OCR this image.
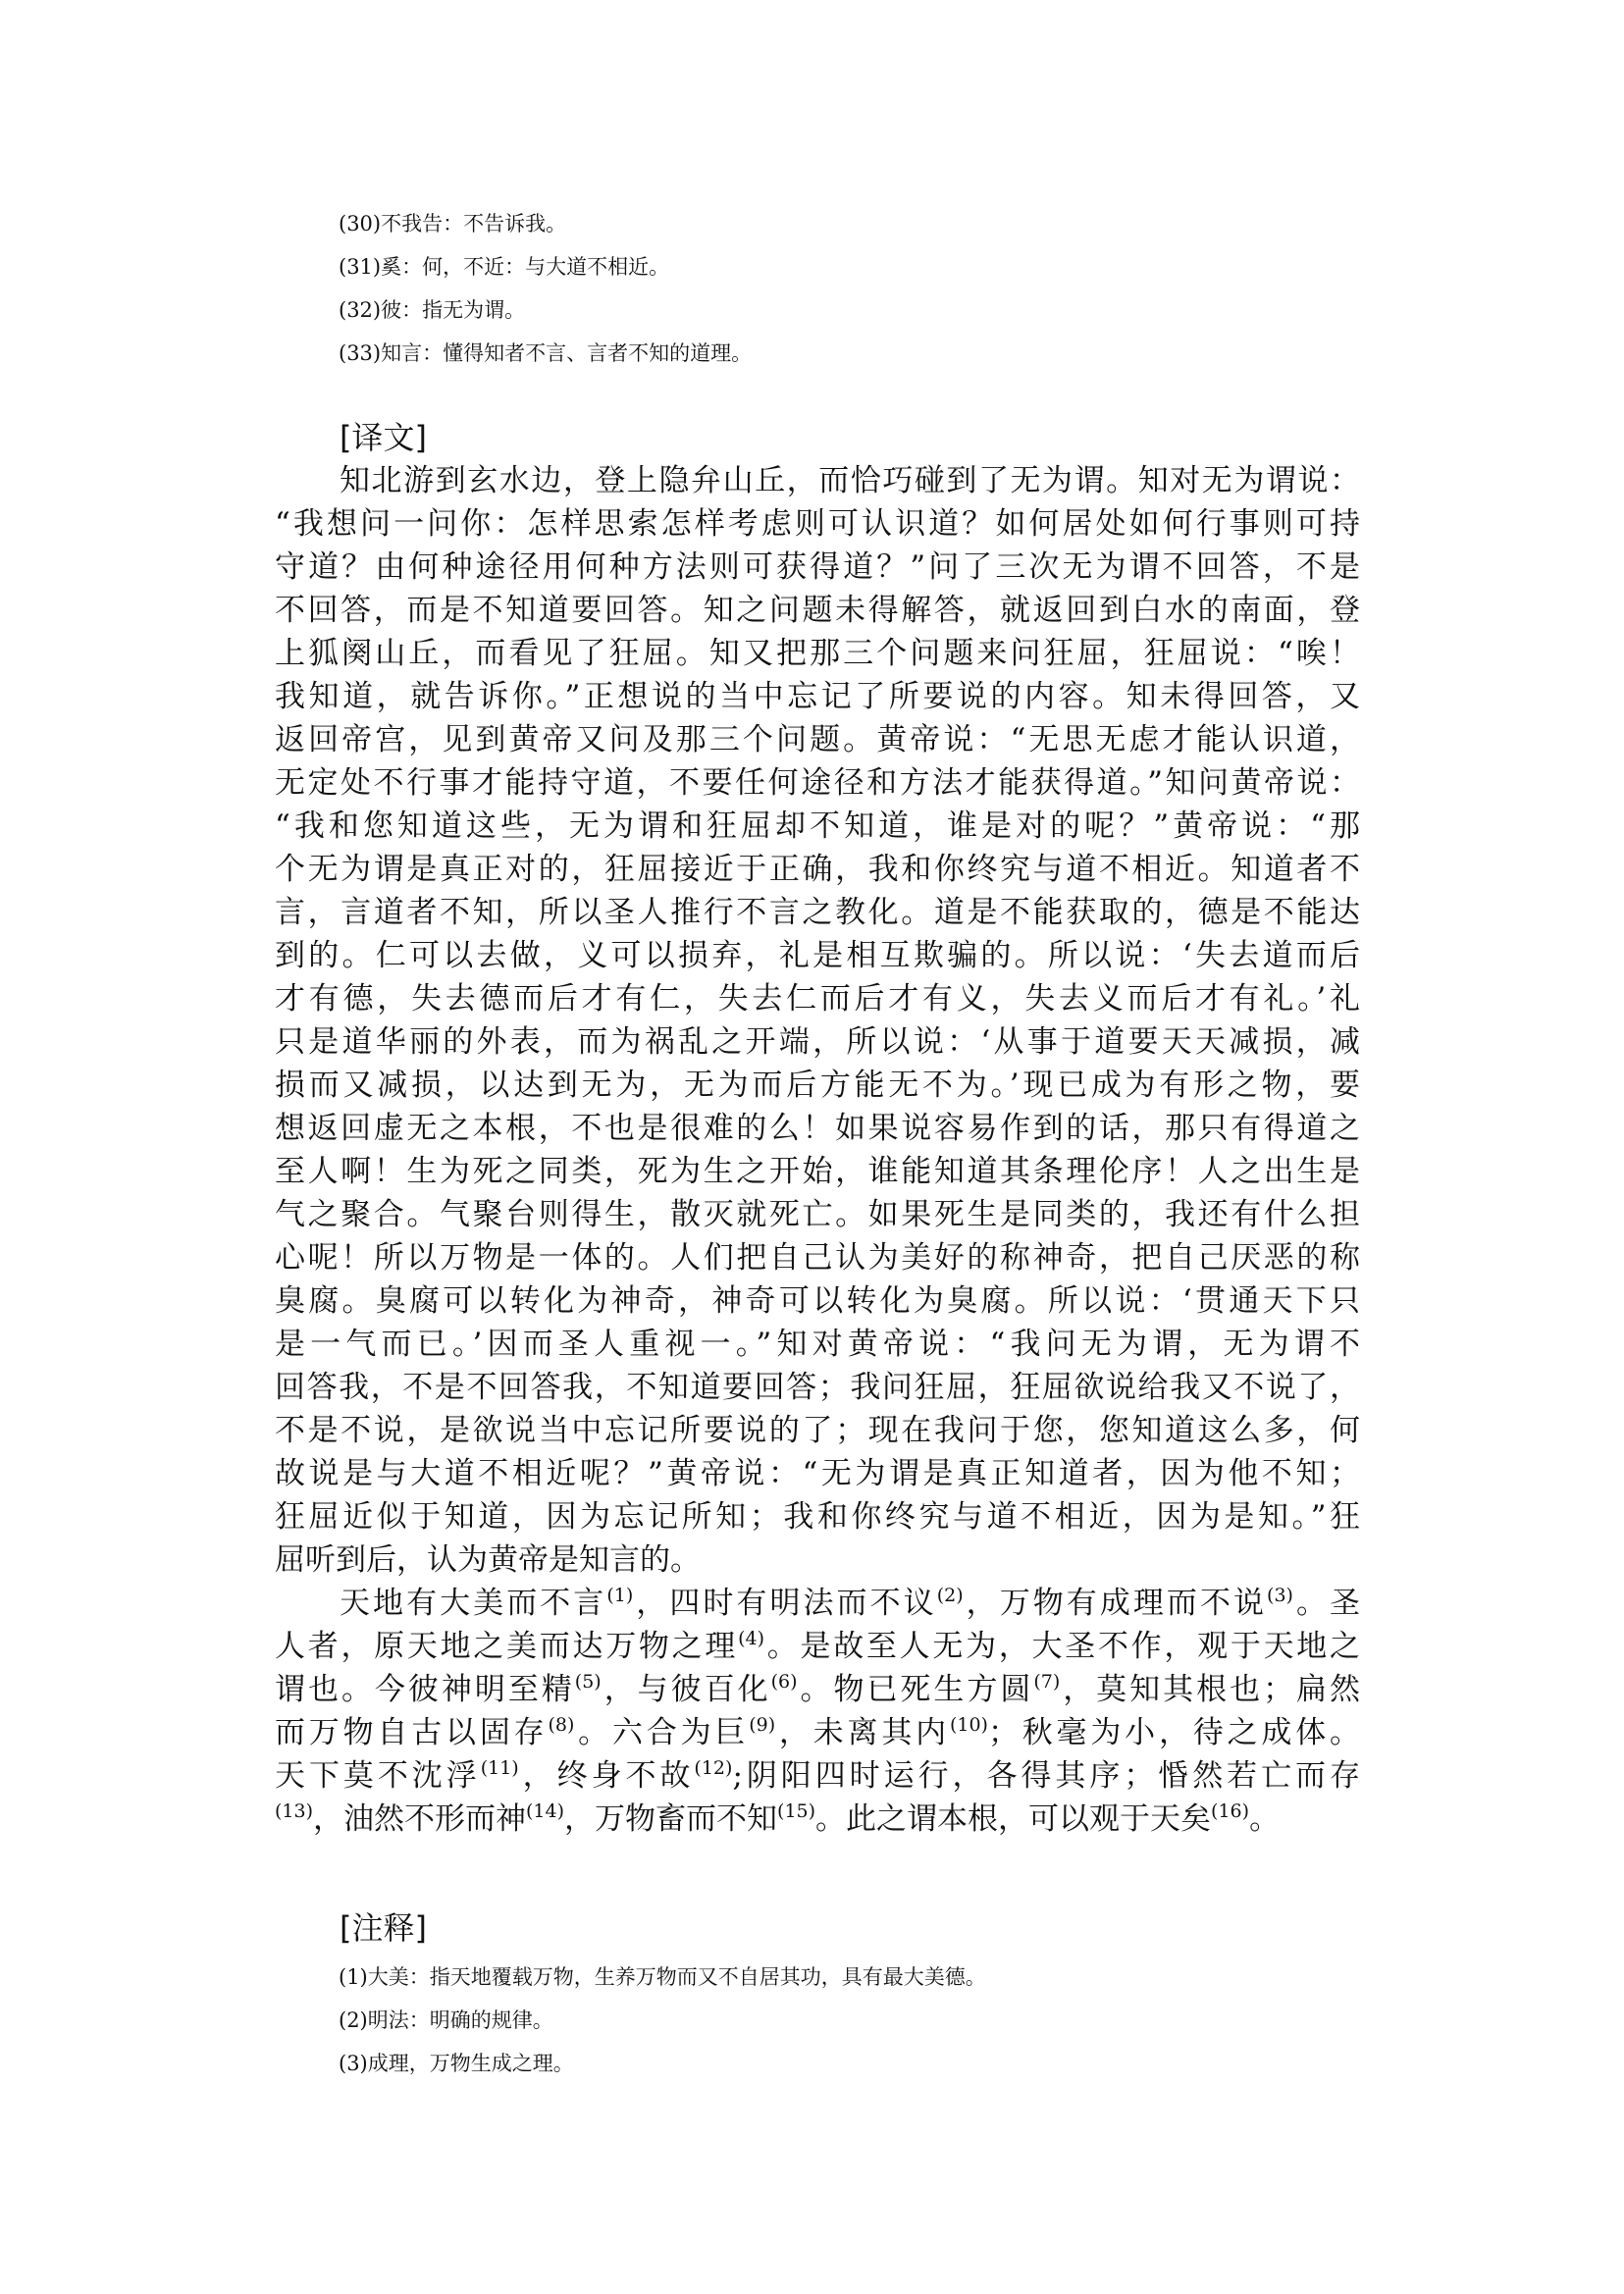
(30)不我告：不告诉我。
(31)奚：何，不近：与大道不相近。
(32)彼：指无为谓。
(33)知言：懂得知者不言、言者不知的道理。
[译文]
知北游到玄水边，登上隐弁山丘，而恰巧碰到了无为谓。知对无为谓说：
“我想问一问你：怎样思索怎样考虑则可认识道？如何居处如何行事则可持
守道？由何种途径用何种方法则可获得道？”问了三次无为谓不回答，不是
不回答，而是不知道要回答。知之问题未得解答，就返回到白水的南面，登
上狐阕山丘，而看见了狂屈。知又把那三个问题来问狂屈，狂屈说：“唉！
我知道，就告诉你。”正想说的当中忘记了所要说的内容。知未得回答，又
返回帝宫，见到黄帝又问及那三个问题。黄帝说：“无思无虑才能认识道，
无定处不行事才能持守道，不要任何途径和方法才能获得道。”知问黄帝说：
“我和您知道这些，无为谓和狂屈却不知道，谁是对的呢？”黄帝说：“那
个无为谓是真正对的，狂屈接近于正确，我和你终究与道不相近。知道者不
言，言道者不知，所以圣人推行不言之教化。道是不能获取的，德是不能达
到的。仁可以去做，义可以损弃，礼是相互欺骗的。所以说：‘失去道而后
才有德，失去德而后才有仁，失去仁而后才有义，失去义而后才有礼。’礼
只是道华丽的外表，而为祸乱之开端，所以说：‘从事于道要天天减损，减
损而又减损，以达到无为，无为而后方能无不为。’现已成为有形之物，要
想返回虚无之本根，不也是很难的么！如果说容易作到的话，那只有得道之
至人啊！生为死之同类，死为生之开始，谁能知道其条理伦序！人之出生是
气之聚合。气聚台则得生，散灭就死亡。如果死生是同类的，我还有什么担
心呢！所以万物是一体的。人们把自己认为美好的称神奇，把自己厌恶的称
臭腐。臭腐可以转化为神奇，神奇可以转化为臭腐。所以说：‘贯通天下只
是一气而已。’因而圣人重视一。”知对黄帝说：“我问无为谓，无为谓不
回答我，不是不回答我，不知道要回答；我问狂屈，狂屈欲说给我又不说了，
不是不说，是欲说当中忘记所要说的了；现在我问于您，您知道这么多，何
故说是与大道不相近呢？”黄帝说：“无为谓是真正知道者，因为他不知；
狂屈近似于知道，因为忘记所知；我和你终究与道不相近，因为是知。”狂
屈听到后，认为黄帝是知言的。
天地有大美而不言$^{(1)}$，四时有明法而不议$^{(2)}$，万物有成理而不说$^{(3)}$。圣
人者，原天地之美而达万物之理$^{(4)}$。是故至人无为，大圣不作，观于天地之
谓也。今彼神明至精$^{(5)}$，与彼百化$^{(6)}$。物已死生方圆$^{(7)}$，莫知其根也；扁然
而万物自古以固存$^{(8)}$。六合为巨$^{(9)}$，未离其内$^{(10)}$；秋毫为小，待之成体。
天下莫不沈浮$^{(11)}$，终身不故$^{(12)}$;阴阳四时运行，各得其序；惛然若亡而存
$^{(13)}$，油然不形而神$^{(14)}$，万物畜而不知$^{(15)}$。此之谓本根，可以观于天矣$^{(16)}$。
[注释]
(1)大美：指天地覆载万物，生养万物而又不自居其功，具有最大美德。
(2)明法：明确的规律。
(3)成理，万物生成之理。
